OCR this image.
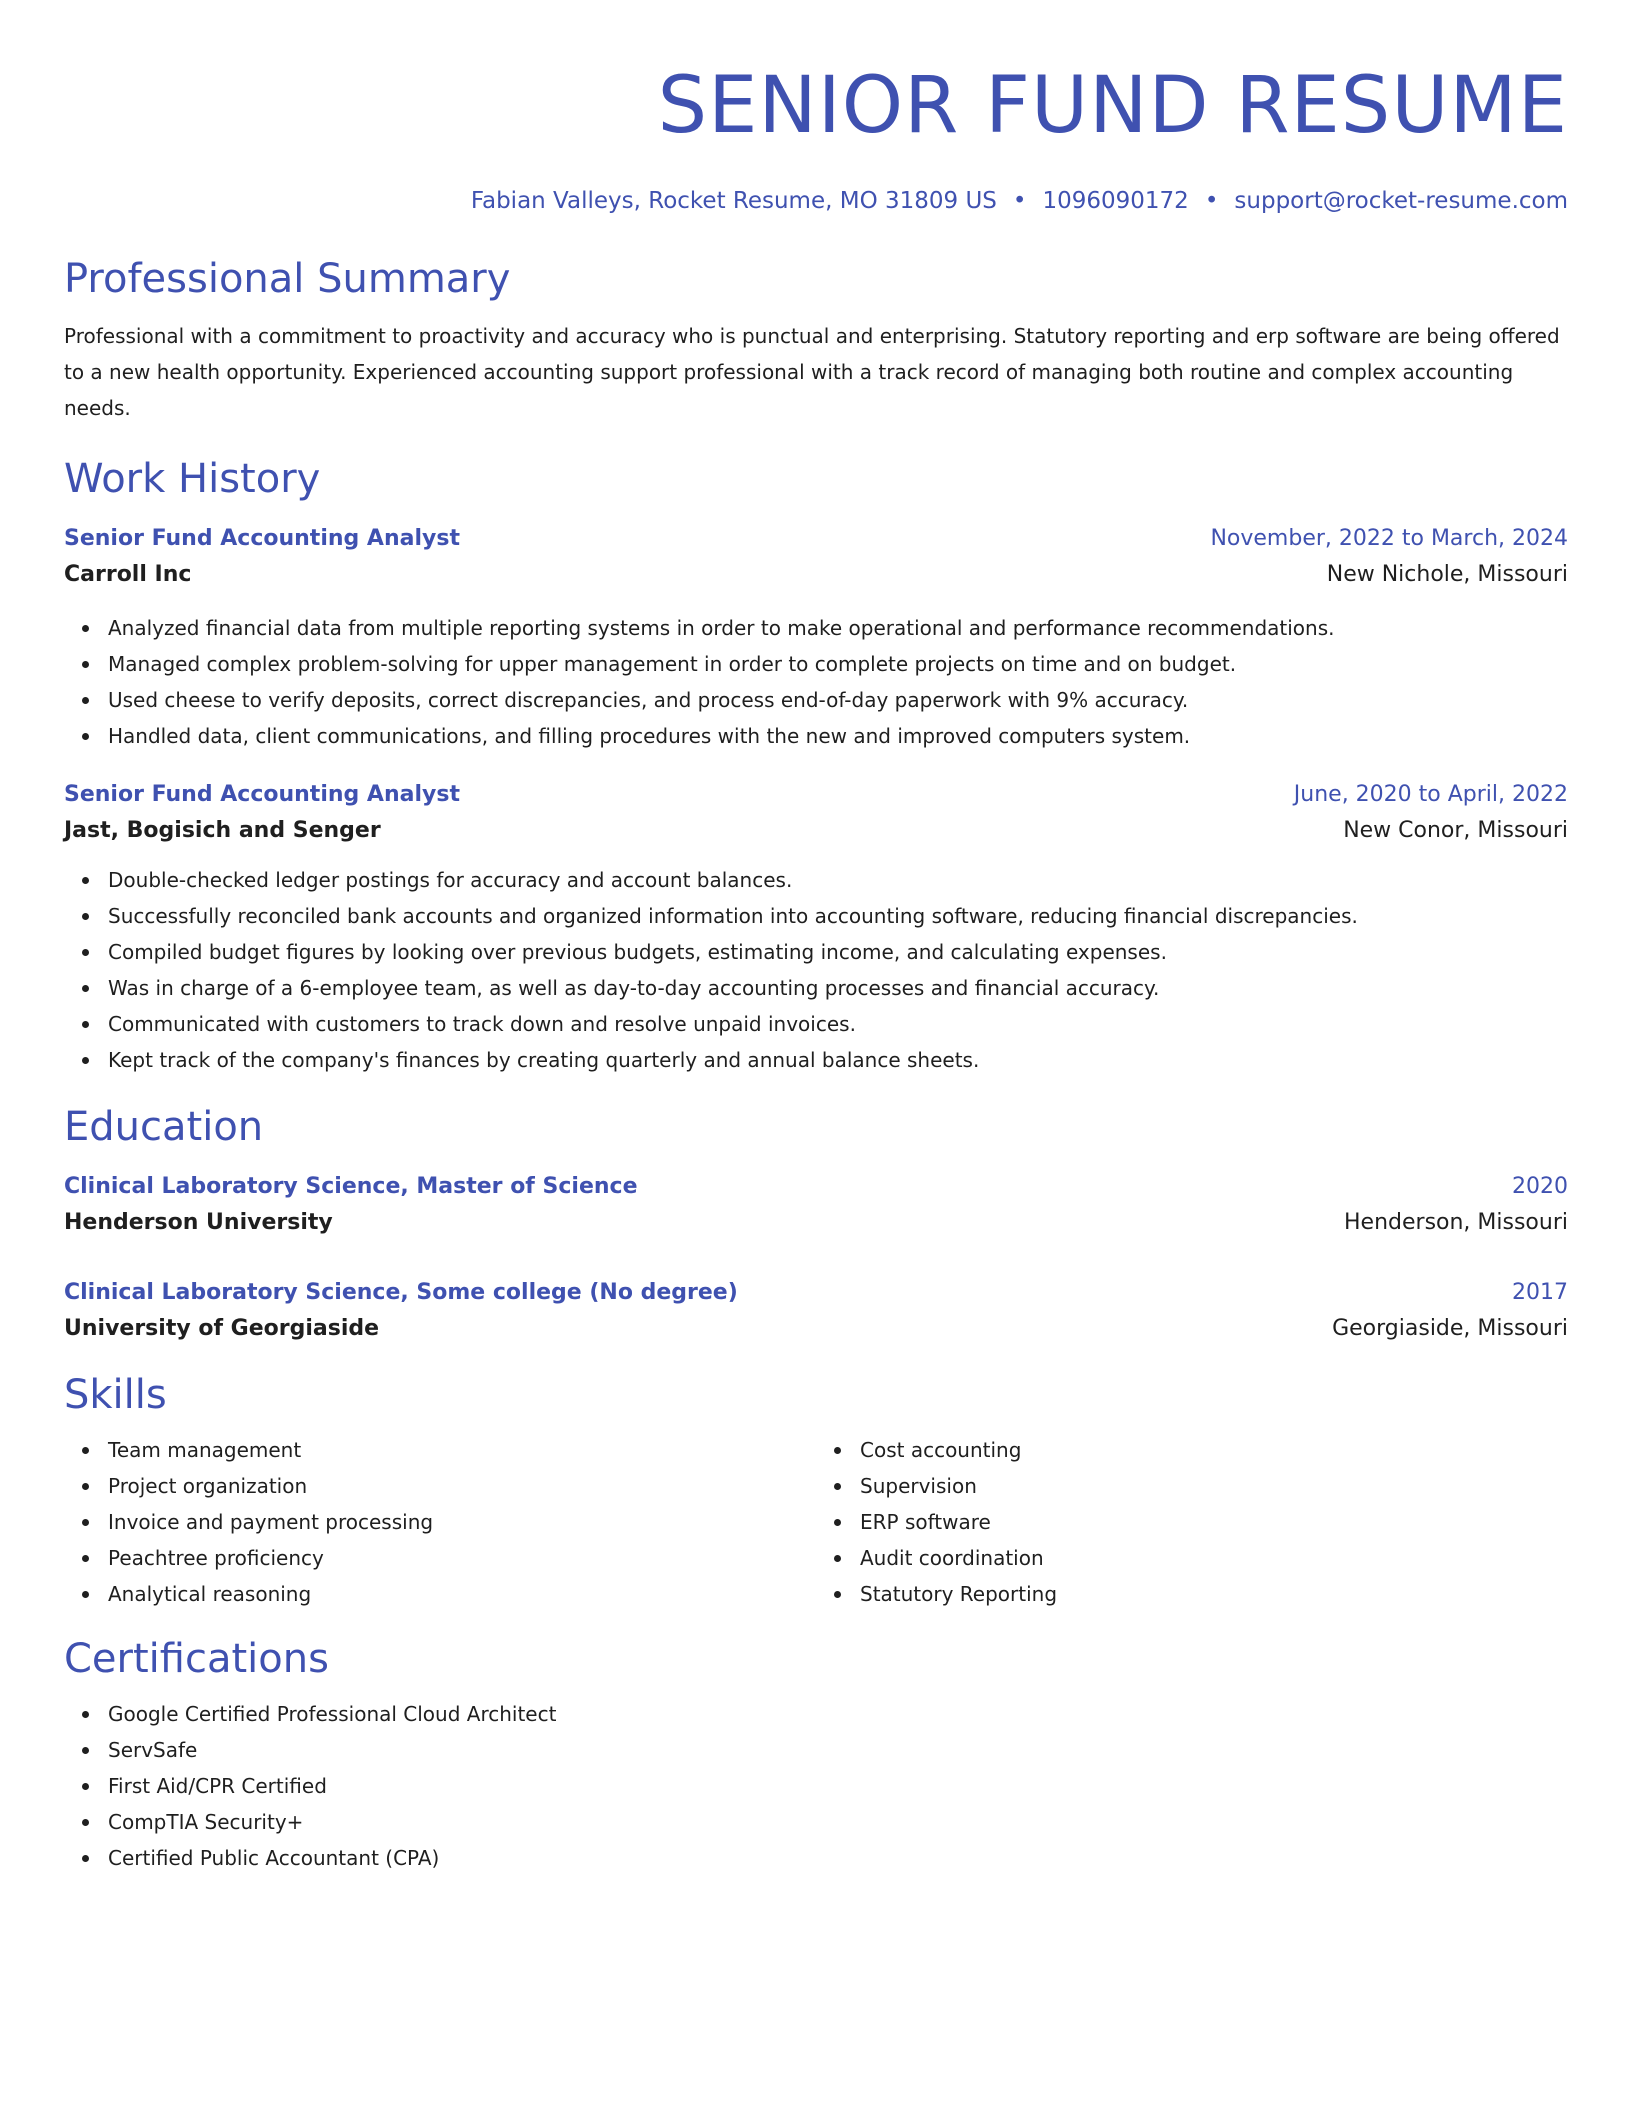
SENIOR FUND RESUME
Fabian Valleys, Rocket Resume, MO 31809 US • 1096090172 • support@rocket-resume.com
Professional Summary

Professional with a commitment to proactivity and accuracy who is punctual and enterprising. Statutory reporting and erp software are being offered to a new health opportunity. Experienced accounting support professional with a track record of managing both routine and complex accounting needs.

Work History
Senior Fund Accounting Analyst	November, 2022 to March, 2024
Carroll Inc	New Nichole, Missouri
Analyzed financial data from multiple reporting systems in order to make operational and performance recommendations.
Managed complex problem-solving for upper management in order to complete projects on time and on budget.
Used cheese to verify deposits, correct discrepancies, and process end-of-day paperwork with 9% accuracy.
Handled data, client communications, and filling procedures with the new and improved computers system.
Senior Fund Accounting Analyst	June, 2020 to April, 2022
Jast, Bogisich and Senger	New Conor, Missouri
Double-checked ledger postings for accuracy and account balances.
Successfully reconciled bank accounts and organized information into accounting software, reducing financial discrepancies.
Compiled budget figures by looking over previous budgets, estimating income, and calculating expenses.
Was in charge of a 6-employee team, as well as day-to-day accounting processes and financial accuracy.
Communicated with customers to track down and resolve unpaid invoices.
Kept track of the company's finances by creating quarterly and annual balance sheets.
Education
Clinical Laboratory Science, Master of Science	2020
Henderson University	Henderson, Missouri
Clinical Laboratory Science, Some college (No degree)	2017
University of Georgiaside	Georgiaside, Missouri
Skills
Team management
Project organization
Invoice and payment processing
Peachtree proficiency
Analytical reasoning
Cost accounting
Supervision
ERP software
Audit coordination
Statutory Reporting
Certifications
Google Certified Professional Cloud Architect
ServSafe
First Aid/CPR Certified
CompTIA Security+
Certified Public Accountant (CPA)
